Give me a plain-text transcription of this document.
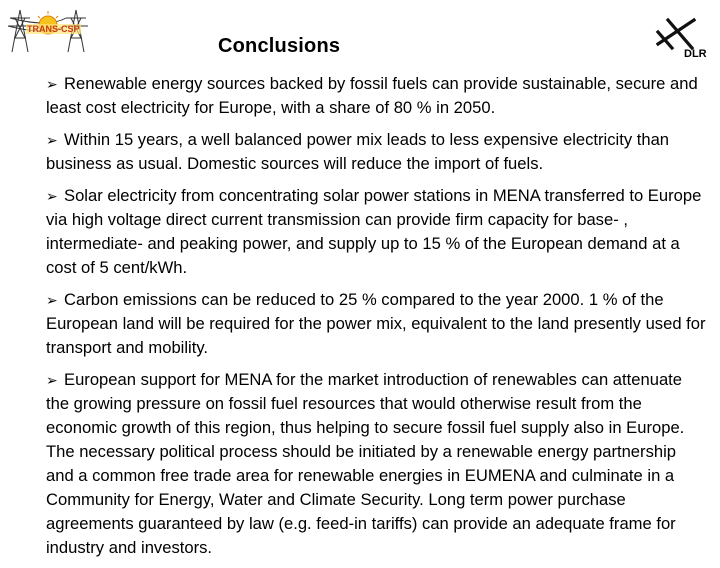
TRANS-CSP
Conclusions	DLR

➢ Renewable energy sources backed by fossil fuels can provide sustainable, secure and least cost electricity for Europe, with a share of 80 % in 2050.

➢ Within 15 years, a well balanced power mix leads to less expensive electricity than business as usual. Domestic sources will reduce the import of fuels.

➢ Solar electricity from concentrating solar power stations in MENA transferred to Europe via high voltage direct current transmission can provide firm capacity for base- , intermediate- and peaking power, and supply up to 15 % of the European demand at a cost of 5 cent/kWh.

➢ Carbon emissions can be reduced to 25 % compared to the year 2000. 1 % of the European land will be required for the power mix, equivalent to the land presently used for transport and mobility.

➢ European support for MENA for the market introduction of renewables can attenuate the growing pressure on fossil fuel resources that would otherwise result from the economic growth of this region, thus helping to secure fossil fuel supply also in Europe. The necessary political process should be initiated by a renewable energy partnership and a common free trade area for renewable energies in EUMENA and culminate in a Community for Energy, Water and Climate Security. Long term power purchase agreements guaranteed by law (e.g. feed-in tariffs) can provide an adequate frame for industry and investors.
